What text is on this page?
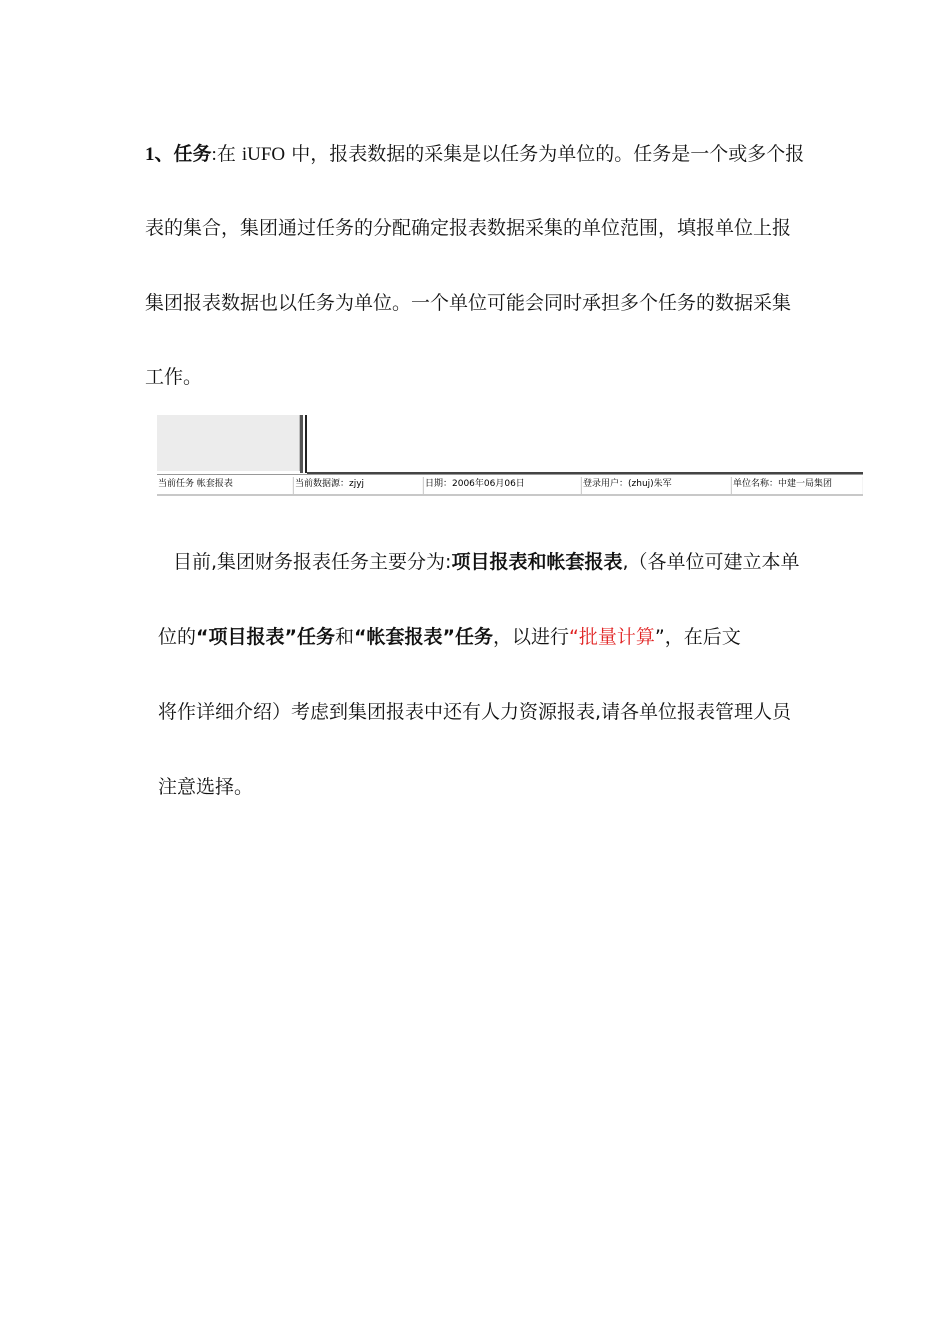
1、任务:在 iUFO 中，报表数据的采集是以任务为单位的。任务是一个或多个报
表的集合，集团通过任务的分配确定报表数据采集的单位范围，填报单位上报
集团报表数据也以任务为单位。一个单位可能会同时承担多个任务的数据采集
工作。
当前任务 帐套报表	当前数据源：zjyj	日期：2006年06月06日	登录用户：(zhuj)朱军	单位名称：中建一局集团
目前,集团财务报表任务主要分为:项目报表和帐套报表,（各单位可建立本单
位的“项目报表”任务和“帐套报表”任务，以进行“批量计算”，在后文
将作详细介绍）考虑到集团报表中还有人力资源报表,请各单位报表管理人员
注意选择。
